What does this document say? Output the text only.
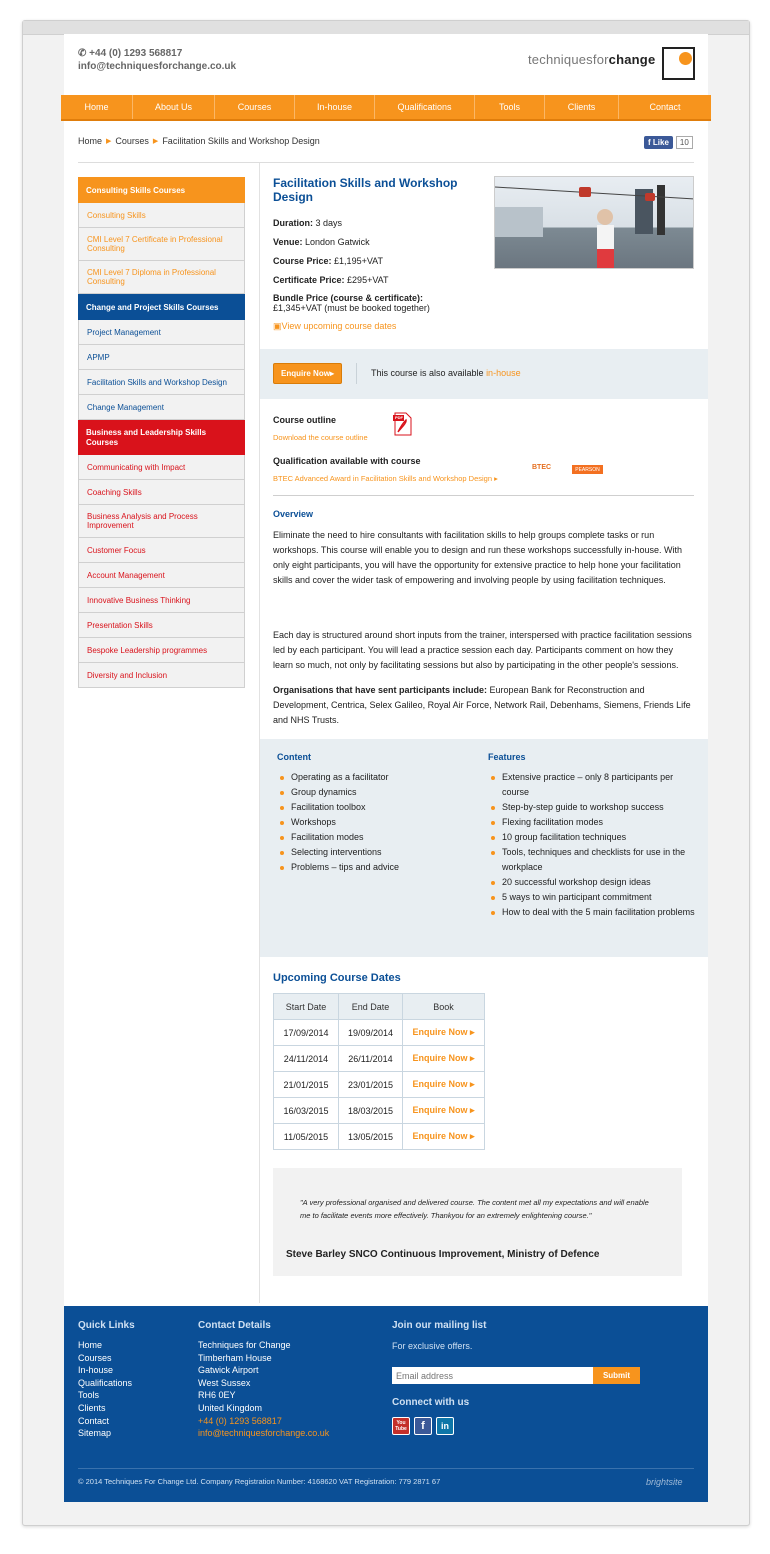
✆ +44 (0) 1293 568817
info@techniquesforchange.co.uk	techniquesforchange
Home	About Us	Courses	In-house	Qualifications	Tools	Clients	Contact
Home ▶ Courses ▶ Facilitation Skills and Workshop Design	f Like	10
Consulting Skills Courses
Consulting Skills
CMI Level 7 Certificate in Professional Consulting
CMI Level 7 Diploma in Professional Consulting
Change and Project Skills Courses
Project Management
APMP
Facilitation Skills and Workshop Design
Change Management
Business and Leadership Skills Courses
Communicating with Impact
Coaching Skills
Business Analysis and Process Improvement
Customer Focus
Account Management
Innovative Business Thinking
Presentation Skills
Bespoke Leadership programmes
Diversity and Inclusion
Facilitation Skills and Workshop Design
Duration: 3 days
Venue: London Gatwick
Course Price: £1,195+VAT
Certificate Price: £295+VAT
Bundle Price (course & certificate):
£1,345+VAT (must be booked together)
▣View upcoming course dates
Enquire Now ▸	This course is also available in-house
Course outline
Download the course outline
PDF
Qualification available with course
BTEC Advanced Award in Facilitation Skills and Workshop Design ▸
BTEC	PEARSON
Overview
Eliminate the need to hire consultants with facilitation skills to help groups complete tasks or run workshops. This course will enable you to design and run these workshops successfully in-house. With only eight participants, you will have the opportunity for extensive practice to help hone your facilitation skills and cover the wider task of empowering and involving people by using facilitation techniques.
Each day is structured around short inputs from the trainer, interspersed with practice facilitation sessions led by each participant. You will lead a practice session each day. Participants comment on how they learn so much, not only by facilitating sessions but also by participating in the other people's sessions.
Organisations that have sent participants include: European Bank for Reconstruction and Development, Centrica, Selex Galileo, Royal Air Force, Network Rail, Debenhams, Siemens, Friends Life and NHS Trusts.
Content
Operating as a facilitator
Group dynamics
Facilitation toolbox
Workshops
Facilitation modes
Selecting interventions
Problems – tips and advice
Features
Extensive practice – only 8 participants per course
Step-by-step guide to workshop success
Flexing facilitation modes
10 group facilitation techniques
Tools, techniques and checklists for use in the workplace
20 successful workshop design ideas
5 ways to win participant commitment
How to deal with the 5 main facilitation problems
Upcoming Course Dates
Start Date	End Date	Book
17/09/2014	19/09/2014	Enquire Now ▸
24/11/2014	26/11/2014	Enquire Now ▸
21/01/2015	23/01/2015	Enquire Now ▸
16/03/2015	18/03/2015	Enquire Now ▸
11/05/2015	13/05/2015	Enquire Now ▸
"A very professional organised and delivered course. The content met all my expectations and will enable me to facilitate events more effectively. Thankyou for an extremely enlightening course."
Steve Barley SNCO Continuous Improvement, Ministry of Defence
Quick Links
Home
Courses
In-house
Qualifications
Tools
Clients
Contact
Sitemap
Contact Details
Techniques for Change
Timberham House
Gatwick Airport
West Sussex
RH6 0EY
United Kingdom
+44 (0) 1293 568817
info@techniquesforchange.co.uk
Join our mailing list
For exclusive offers.
Email address
Submit
Connect with us
You Tube	f	in
© 2014 Techniques For Change Ltd. Company Registration Number: 4168620 VAT Registration: 779 2871 67	brightsite
